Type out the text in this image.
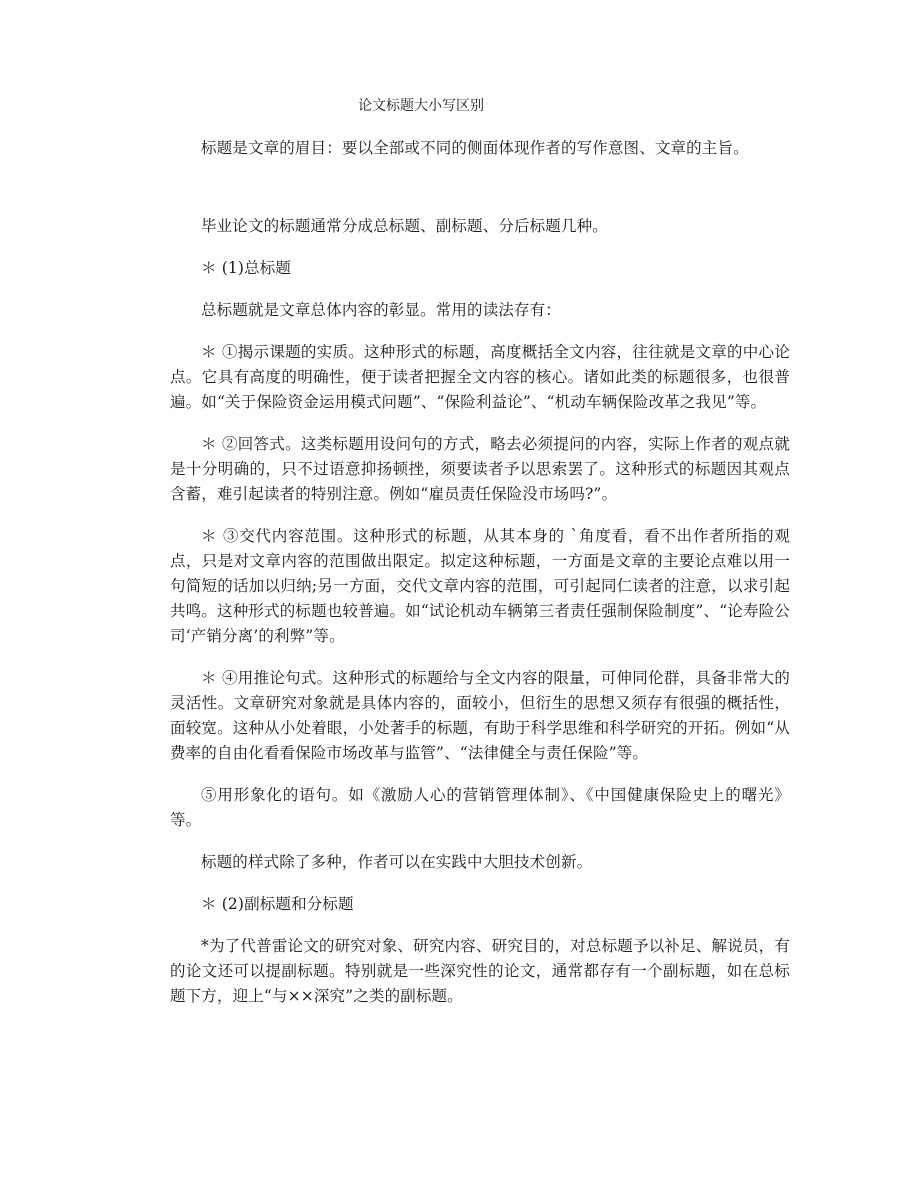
论文标题大小写区别

标题是文章的眉目：要以全部或不同的侧面体现作者的写作意图、文章的主旨。

毕业论文的标题通常分成总标题、副标题、分后标题几种。

＊ (1)总标题

总标题就是文章总体内容的彰显。常用的读法存有：

＊ ①揭示课题的实质。这种形式的标题，高度概括全文内容，往往就是文章的中心论点。它具有高度的明确性，便于读者把握全文内容的核心。诸如此类的标题很多，也很普遍。如“关于保险资金运用模式问题”、“保险利益论”、“机动车辆保险改革之我见”等。

＊ ②回答式。这类标题用设问句的方式，略去必须提问的内容，实际上作者的观点就是十分明确的，只不过语意抑扬顿挫，须要读者予以思索罢了。这种形式的标题因其观点含蓄，难引起读者的特别注意。例如“雇员责任保险没市场吗?”。

＊ ③交代内容范围。这种形式的标题，从其本身的 `角度看，看不出作者所指的观点，只是对文章内容的范围做出限定。拟定这种标题，一方面是文章的主要论点难以用一句简短的话加以归纳;另一方面，交代文章内容的范围，可引起同仁读者的注意，以求引起共鸣。这种形式的标题也较普遍。如“试论机动车辆第三者责任强制保险制度”、“论寿险公司‘产销分离’的利弊”等。

＊ ④用推论句式。这种形式的标题给与全文内容的限量，可伸同伦群，具备非常大的灵活性。文章研究对象就是具体内容的，面较小，但衍生的思想又须存有很强的概括性，面较宽。这种从小处着眼，小处著手的标题，有助于科学思维和科学研究的开拓。例如“从费率的自由化看看保险市场改革与监管”、“法律健全与责任保险”等。

⑤用形象化的语句。如《激励人心的营销管理体制》、《中国健康保险史上的曙光》等。

标题的样式除了多种，作者可以在实践中大胆技术创新。

＊ (2)副标题和分标题

*为了代普雷论文的研究对象、研究内容、研究目的，对总标题予以补足、解说员，有的论文还可以提副标题。特别就是一些深究性的论文，通常都存有一个副标题，如在总标题下方，迎上“与××深究”之类的副标题。
